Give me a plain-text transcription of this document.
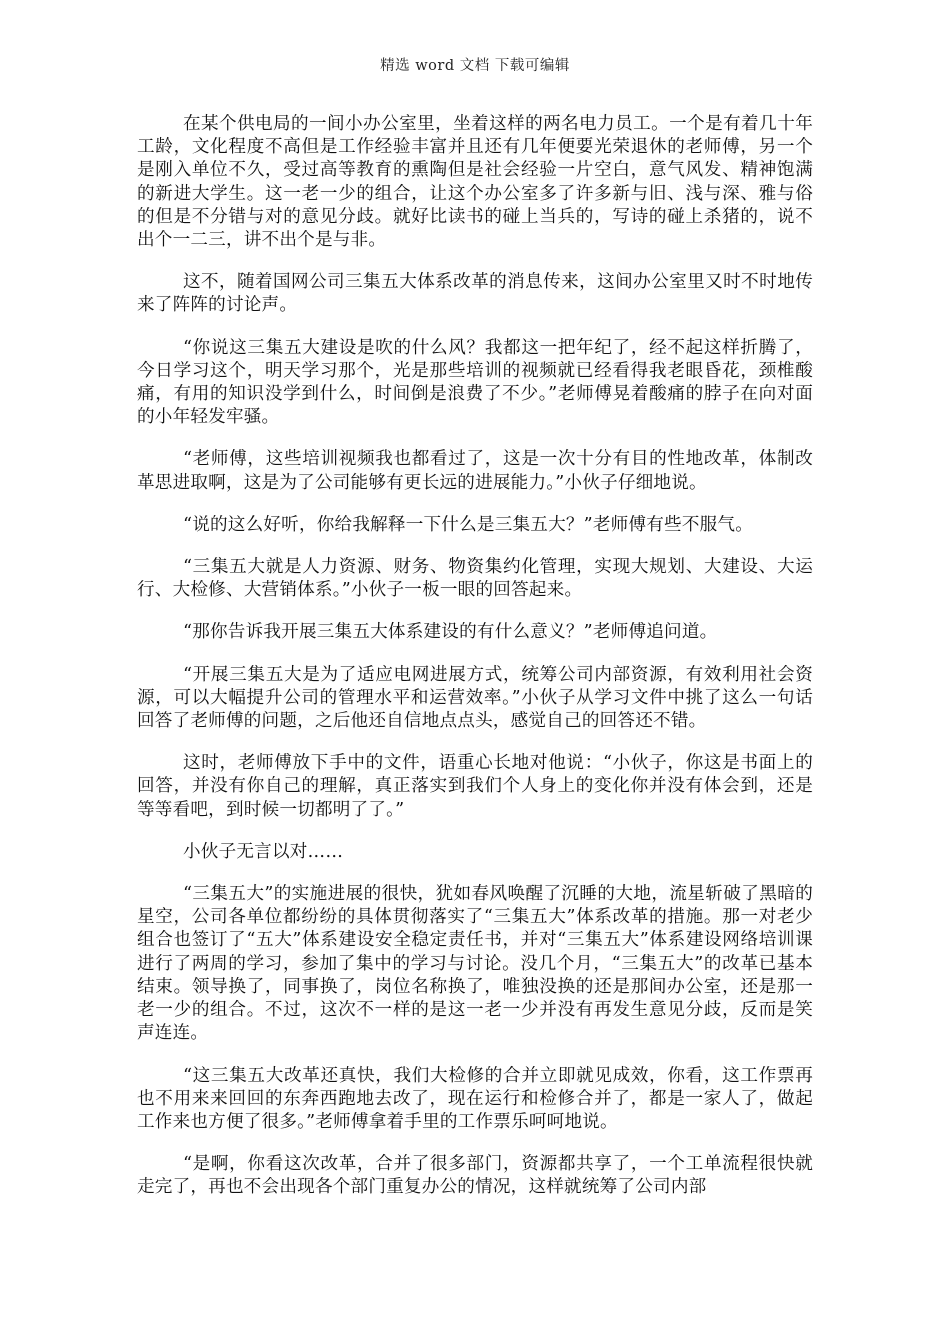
精选 word 文档 下载可编辑

在某个供电局的一间小办公室里，坐着这样的两名电力员工。一个是有着几十年工龄，文化程度不高但是工作经验丰富并且还有几年便要光荣退休的老师傅，另一个是刚入单位不久，受过高等教育的熏陶但是社会经验一片空白，意气风发、精神饱满的新进大学生。这一老一少的组合，让这个办公室多了许多新与旧、浅与深、雅与俗的但是不分错与对的意见分歧。就好比读书的碰上当兵的，写诗的碰上杀猪的，说不出个一二三，讲不出个是与非。

这不，随着国网公司三集五大体系改革的消息传来，这间办公室里又时不时地传来了阵阵的讨论声。

“你说这三集五大建设是吹的什么风？我都这一把年纪了，经不起这样折腾了，今日学习这个，明天学习那个，光是那些培训的视频就已经看得我老眼昏花，颈椎酸痛，有用的知识没学到什么，时间倒是浪费了不少。”老师傅晃着酸痛的脖子在向对面的小年轻发牢骚。

“老师傅，这些培训视频我也都看过了，这是一次十分有目的性地改革，体制改革思进取啊，这是为了公司能够有更长远的进展能力。”小伙子仔细地说。

“说的这么好听，你给我解释一下什么是三集五大？”老师傅有些不服气。

“三集五大就是人力资源、财务、物资集约化管理，实现大规划、大建设、大运行、大检修、大营销体系。”小伙子一板一眼的回答起来。

“那你告诉我开展三集五大体系建设的有什么意义？”老师傅追问道。

“开展三集五大是为了适应电网进展方式，统筹公司内部资源，有效利用社会资源，可以大幅提升公司的管理水平和运营效率。”小伙子从学习文件中挑了这么一句话回答了老师傅的问题，之后他还自信地点点头，感觉自己的回答还不错。

这时，老师傅放下手中的文件，语重心长地对他说：“小伙子，你这是书面上的回答，并没有你自己的理解，真正落实到我们个人身上的变化你并没有体会到，还是等等看吧，到时候一切都明了了。”

小伙子无言以对……

“三集五大”的实施进展的很快，犹如春风唤醒了沉睡的大地，流星斩破了黑暗的星空，公司各单位都纷纷的具体贯彻落实了“三集五大”体系改革的措施。那一对老少组合也签订了“五大”体系建设安全稳定责任书，并对“三集五大”体系建设网络培训课进行了两周的学习，参加了集中的学习与讨论。没几个月，“三集五大”的改革已基本结束。领导换了，同事换了，岗位名称换了，唯独没换的还是那间办公室，还是那一老一少的组合。不过，这次不一样的是这一老一少并没有再发生意见分歧，反而是笑声连连。

“这三集五大改革还真快，我们大检修的合并立即就见成效，你看，这工作票再也不用来来回回的东奔西跑地去改了，现在运行和检修合并了，都是一家人了，做起工作来也方便了很多。”老师傅拿着手里的工作票乐呵呵地说。

“是啊，你看这次改革，合并了很多部门，资源都共享了，一个工单流程很快就走完了，再也不会出现各个部门重复办公的情况，这样就统筹了公司内部
